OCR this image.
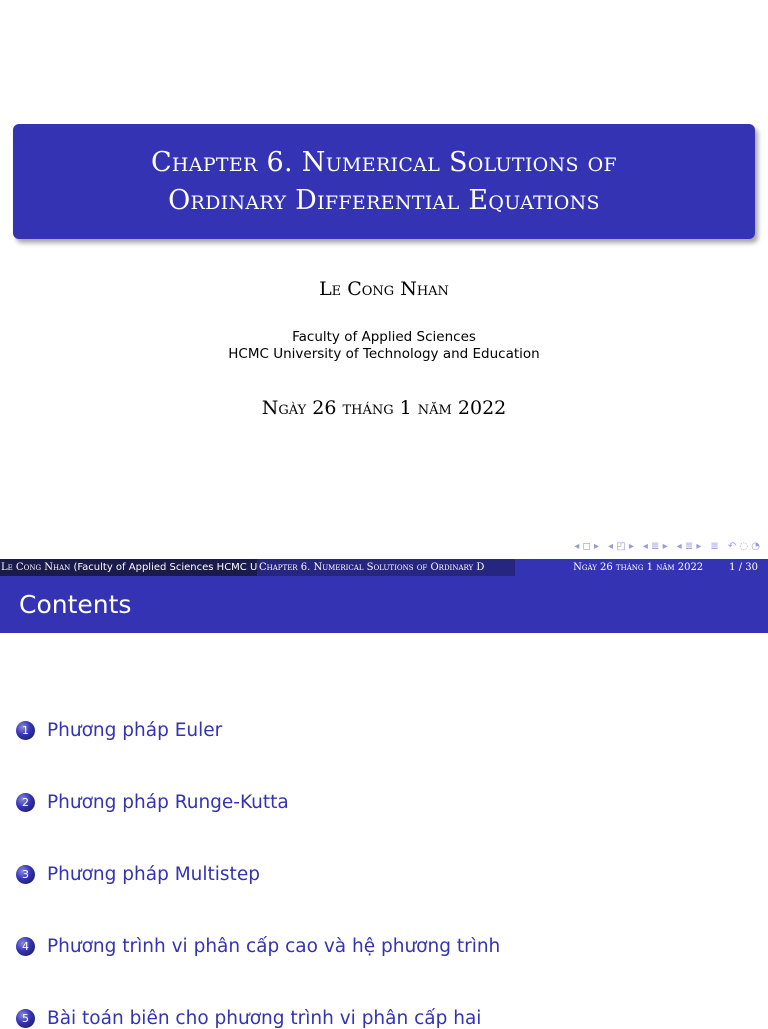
Chapter 6. Numerical Solutions of
Ordinary Differential Equations
Le Cong Nhan
Faculty of Applied Sciences
HCMC University of Technology and Education
Ngày 26 tháng 1 năm 2022
◂ ◻ ▸ ◂ ◰ ▸ ◂ ≣ ▸ ◂ ≣ ▸ ≣ ↶ ◌ ◔
Le Cong Nhan (Faculty of Applied Sciences HCMC U Chapter 6. Numerical Solutions of Ordinary D	Ngày 26 tháng 1 năm 2022	1 / 30
Contents
1 Phương pháp Euler
2 Phương pháp Runge-Kutta
3 Phương pháp Multistep
4 Phương trình vi phân cấp cao và hệ phương trình
5 Bài toán biên cho phương trình vi phân cấp hai
